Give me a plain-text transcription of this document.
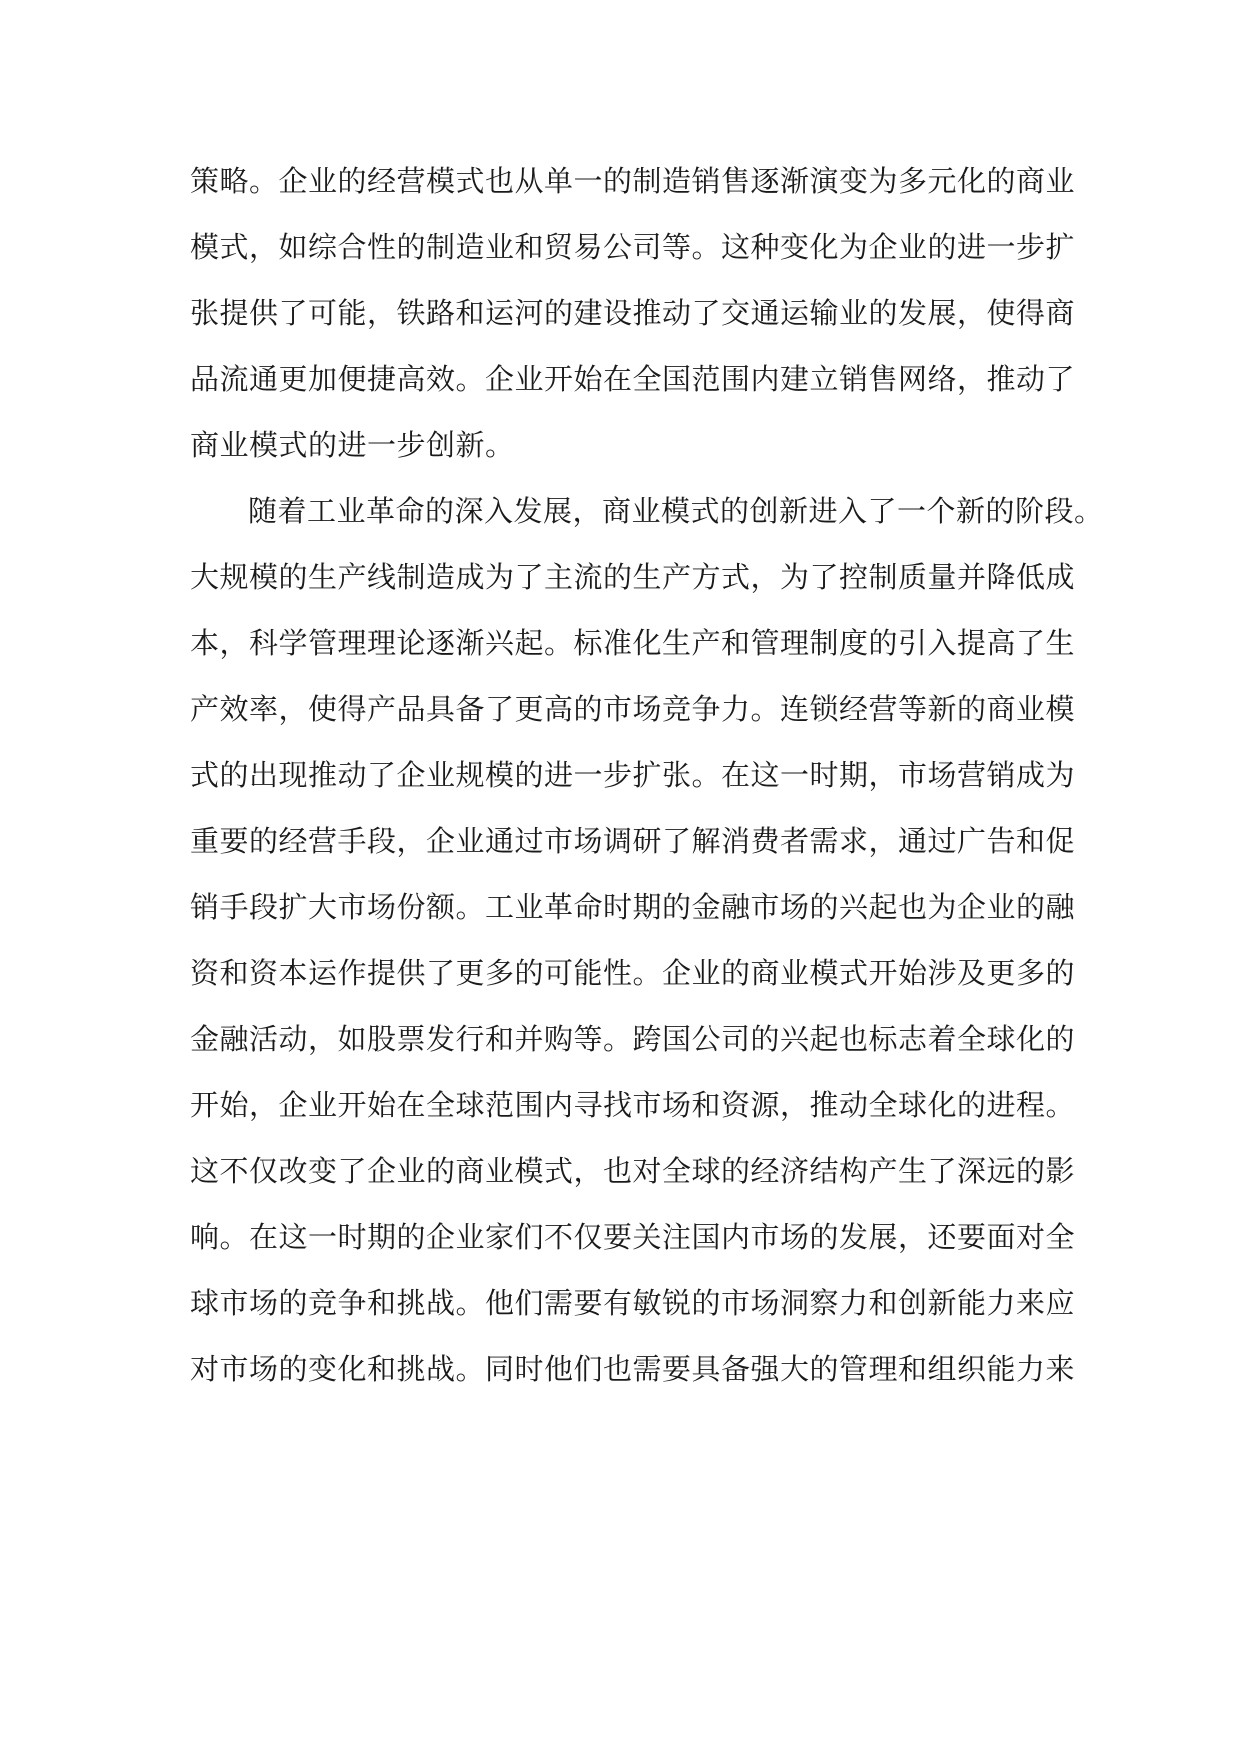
策略。企业的经营模式也从单一的制造销售逐渐演变为多元化的商业
模式，如综合性的制造业和贸易公司等。这种变化为企业的进一步扩
张提供了可能，铁路和运河的建设推动了交通运输业的发展，使得商
品流通更加便捷高效。企业开始在全国范围内建立销售网络，推动了
商业模式的进一步创新。
随着工业革命的深入发展，商业模式的创新进入了一个新的阶段。
大规模的生产线制造成为了主流的生产方式，为了控制质量并降低成
本，科学管理理论逐渐兴起。标准化生产和管理制度的引入提高了生
产效率，使得产品具备了更高的市场竞争力。连锁经营等新的商业模
式的出现推动了企业规模的进一步扩张。在这一时期，市场营销成为
重要的经营手段，企业通过市场调研了解消费者需求，通过广告和促
销手段扩大市场份额。工业革命时期的金融市场的兴起也为企业的融
资和资本运作提供了更多的可能性。企业的商业模式开始涉及更多的
金融活动，如股票发行和并购等。跨国公司的兴起也标志着全球化的
开始，企业开始在全球范围内寻找市场和资源，推动全球化的进程。
这不仅改变了企业的商业模式，也对全球的经济结构产生了深远的影
响。在这一时期的企业家们不仅要关注国内市场的发展，还要面对全
球市场的竞争和挑战。他们需要有敏锐的市场洞察力和创新能力来应
对市场的变化和挑战。同时他们也需要具备强大的管理和组织能力来
